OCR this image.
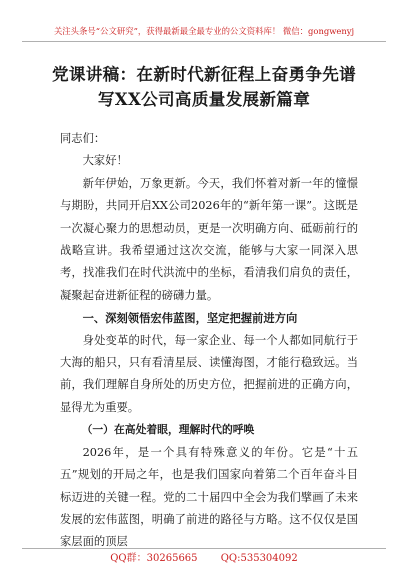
关注头条号“公文研究”，获得最新最全最专业的公文资料库！ 微信：gongwenyj
党课讲稿：在新时代新征程上奋勇争先谱
写XX公司高质量发展新篇章

同志们：

大家好！

新年伊始，万象更新。今天，我们怀着对新一年的憧憬与期盼，共同开启XX公司2026年的“新年第一课”。这既是一次凝心聚力的思想动员，更是一次明确方向、砥砺前行的战略宣讲。我希望通过这次交流，能够与大家一同深入思考，找准我们在时代洪流中的坐标，看清我们肩负的责任，凝聚起奋进新征程的磅礴力量。

一、深刻领悟宏伟蓝图，坚定把握前进方向

身处变革的时代，每一家企业、每一个人都如同航行于大海的船只，只有看清星辰、读懂海图，才能行稳致远。当前，我们理解自身所处的历史方位，把握前进的正确方向，显得尤为重要。

（一）在高处着眼，理解时代的呼唤

2026年，是一个具有特殊意义的年份。它是“十五五”规划的开局之年，也是我们国家向着第二个百年奋斗目标迈进的关键一程。党的二十届四中全会为我们擘画了未来发展的宏伟蓝图，明确了前进的路径与方略。这不仅仅是国家层面的顶层

QQ群：30265665 QQ:535304092
